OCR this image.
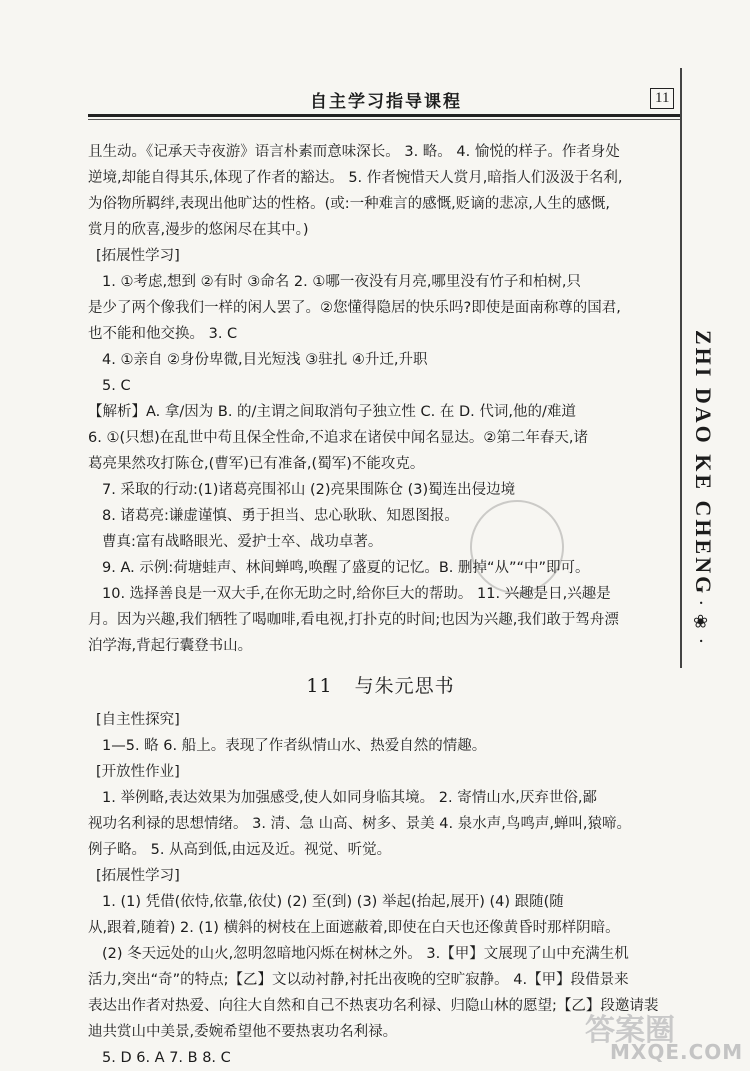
自主学习指导课程	11
ZHI DAO KE CHENG
· ❀ ·

且生动。《记承天寺夜游》语言朴素而意味深长。 3. 略。 4. 愉悦的样子。作者身处

逆境,却能自得其乐,体现了作者的豁达。 5. 作者惋惜天人赏月,暗指人们汲汲于名利,

为俗物所羁绊,表现出他旷达的性格。(或:一种难言的感慨,贬谪的悲凉,人生的感慨,

赏月的欣喜,漫步的悠闲尽在其中。)

[拓展性学习]

1. ①考虑,想到 ②有时 ③命名 2. ①哪一夜没有月亮,哪里没有竹子和柏树,只

是少了两个像我们一样的闲人罢了。②您懂得隐居的快乐吗?即使是面南称尊的国君,

也不能和他交换。 3. C

4. ①亲自 ②身份卑微,目光短浅 ③驻扎 ④升迁,升职

5. C

【解析】A. 拿/因为 B. 的/主谓之间取消句子独立性 C. 在 D. 代词,他的/难道

6. ①(只想)在乱世中苟且保全性命,不追求在诸侯中闻名显达。②第二年春天,诸

葛亮果然攻打陈仓,(曹军)已有准备,(蜀军)不能攻克。

7. 采取的行动:(1)诸葛亮围祁山 (2)亮果围陈仓 (3)蜀连出侵边境

8. 诸葛亮:谦虚谨慎、勇于担当、忠心耿耿、知恩图报。

曹真:富有战略眼光、爱护士卒、战功卓著。

9. A. 示例:荷塘蛙声、林间蝉鸣,唤醒了盛夏的记忆。B. 删掉“从”“中”即可。

10. 选择善良是一双大手,在你无助之时,给你巨大的帮助。 11. 兴趣是日,兴趣是

月。因为兴趣,我们牺牲了喝咖啡,看电视,打扑克的时间;也因为兴趣,我们敢于驾舟漂

泊学海,背起行囊登书山。

11 与朱元思书

[自主性探究]

1—5. 略 6. 船上。表现了作者纵情山水、热爱自然的情趣。

[开放性作业]

1. 举例略,表达效果为加强感受,使人如同身临其境。 2. 寄情山水,厌弃世俗,鄙

视功名利禄的思想情绪。 3. 清、急 山高、树多、景美 4. 泉水声,鸟鸣声,蝉叫,猿啼。

例子略。 5. 从高到低,由远及近。视觉、听觉。

[拓展性学习]

1. (1) 凭借(依恃,依靠,依仗) (2) 至(到) (3) 举起(抬起,展开) (4) 跟随(随

从,跟着,随着) 2. (1) 横斜的树枝在上面遮蔽着,即使在白天也还像黄昏时那样阴暗。

(2) 冬天远处的山火,忽明忽暗地闪烁在树林之外。 3.【甲】文展现了山中充满生机

活力,突出“奇”的特点;【乙】文以动衬静,衬托出夜晚的空旷寂静。 4.【甲】段借景来

表达出作者对热爱、向往大自然和自己不热衷功名利禄、归隐山林的愿望;【乙】段邀请裴

迪共赏山中美景,委婉希望他不要热衷功名利禄。

5. D 6. A 7. B 8. C

答案圈
MXQE.COM
